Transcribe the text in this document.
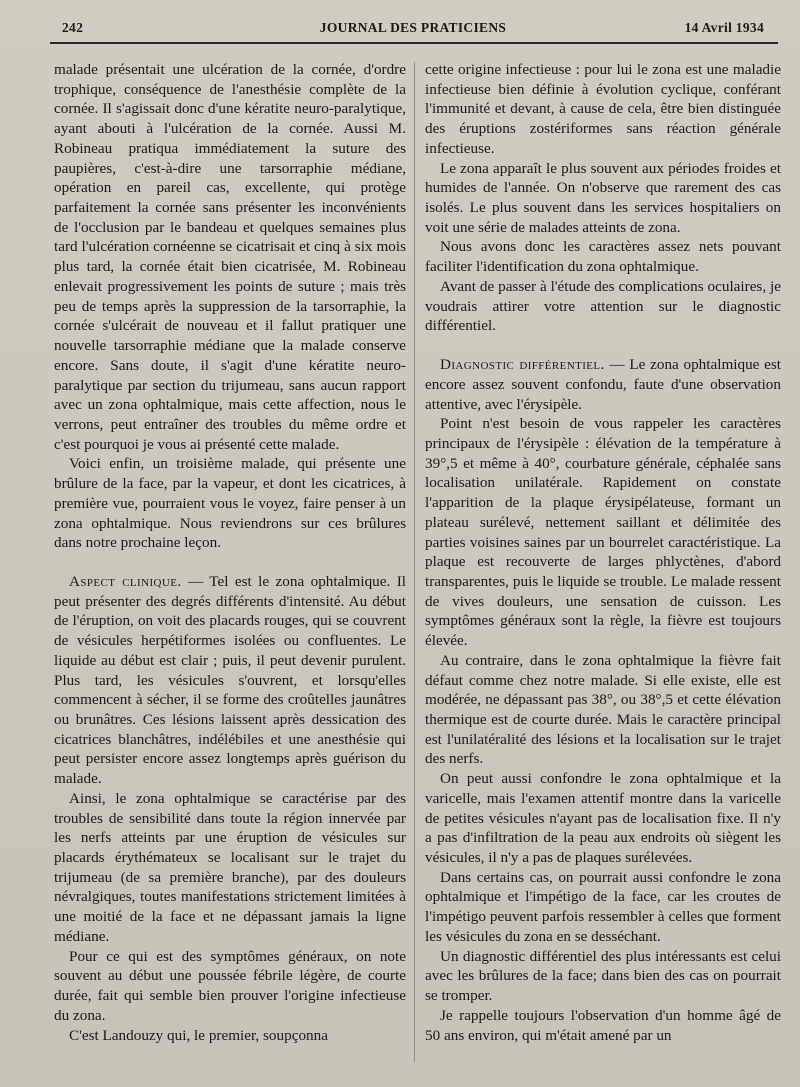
242	JOURNAL DES PRATICIENS	14 Avril 1934

malade présentait une ulcération de la cornée, d'ordre trophique, conséquence de l'anesthésie complète de la cornée. Il s'agissait donc d'une kératite neuro-paralytique, ayant abouti à l'ulcération de la cornée. Aussi M. Robineau pratiqua immédiatement la suture des paupières, c'est-à-dire une tarsorraphie médiane, opération en pareil cas, excellente, qui protège parfaitement la cornée sans présenter les inconvénients de l'occlusion par le bandeau et quelques semaines plus tard l'ulcération cornéenne se cicatrisait et cinq à six mois plus tard, la cornée était bien cicatrisée, M. Robineau enlevait progressivement les points de suture ; mais très peu de temps après la suppression de la tarsorraphie, la cornée s'ulcérait de nouveau et il fallut pratiquer une nouvelle tarsorraphie médiane que la malade conserve encore. Sans doute, il s'agit d'une kératite neuro-paralytique par section du trijumeau, sans aucun rapport avec un zona ophtalmique, mais cette affection, nous le verrons, peut entraîner des troubles du même ordre et c'est pourquoi je vous ai présenté cette malade.

Voici enfin, un troisième malade, qui présente une brûlure de la face, par la vapeur, et dont les cicatrices, à première vue, pourraient vous le voyez, faire penser à un zona ophtalmique. Nous reviendrons sur ces brûlures dans notre prochaine leçon.

Aspect clinique. — Tel est le zona ophtalmique. Il peut présenter des degrés différents d'intensité. Au début de l'éruption, on voit des placards rouges, qui se couvrent de vésicules herpétiformes isolées ou confluentes. Le liquide au début est clair ; puis, il peut devenir purulent. Plus tard, les vésicules s'ouvrent, et lorsqu'elles commencent à sécher, il se forme des croûtelles jaunâtres ou brunâtres. Ces lésions laissent après dessication des cicatrices blanchâtres, indélébiles et une anesthésie qui peut persister encore assez longtemps après guérison du malade.

Ainsi, le zona ophtalmique se caractérise par des troubles de sensibilité dans toute la région innervée par les nerfs atteints par une éruption de vésicules sur placards érythémateux se localisant sur le trajet du trijumeau (de sa première branche), par des douleurs névralgiques, toutes manifestations strictement limitées à une moitié de la face et ne dépassant jamais la ligne médiane.

Pour ce qui est des symptômes généraux, on note souvent au début une poussée fébrile légère, de courte durée, fait qui semble bien prouver l'origine infectieuse du zona.

C'est Landouzy qui, le premier, soupçonna

cette origine infectieuse : pour lui le zona est une maladie infectieuse bien définie à évolution cyclique, conférant l'immunité et devant, à cause de cela, être bien distinguée des éruptions zostériformes sans réaction générale infectieuse.

Le zona apparaît le plus souvent aux périodes froides et humides de l'année. On n'observe que rarement des cas isolés. Le plus souvent dans les services hospitaliers on voit une série de malades atteints de zona.

Nous avons donc les caractères assez nets pouvant faciliter l'identification du zona ophtalmique.

Avant de passer à l'étude des complications oculaires, je voudrais attirer votre attention sur le diagnostic différentiel.

Diagnostic différentiel. — Le zona ophtalmique est encore assez souvent confondu, faute d'une observation attentive, avec l'érysipèle.

Point n'est besoin de vous rappeler les caractères principaux de l'érysipèle : élévation de la température à 39°,5 et même à 40°, courbature générale, céphalée sans localisation unilatérale. Rapidement on constate l'apparition de la plaque érysipélateuse, formant un plateau surélevé, nettement saillant et délimitée des parties voisines saines par un bourrelet caractéristique. La plaque est recouverte de larges phlyctènes, d'abord transparentes, puis le liquide se trouble. Le malade ressent de vives douleurs, une sensation de cuisson. Les symptômes généraux sont la règle, la fièvre est toujours élevée.

Au contraire, dans le zona ophtalmique la fièvre fait défaut comme chez notre malade. Si elle existe, elle est modérée, ne dépassant pas 38°, ou 38°,5 et cette élévation thermique est de courte durée. Mais le caractère principal est l'unilatéralité des lésions et la localisation sur le trajet des nerfs.

On peut aussi confondre le zona ophtalmique et la varicelle, mais l'examen attentif montre dans la varicelle de petites vésicules n'ayant pas de localisation fixe. Il n'y a pas d'infiltration de la peau aux endroits où siègent les vésicules, il n'y a pas de plaques surélevées.

Dans certains cas, on pourrait aussi confondre le zona ophtalmique et l'impétigo de la face, car les croutes de l'impétigo peuvent parfois ressembler à celles que forment les vésicules du zona en se desséchant.

Un diagnostic différentiel des plus intéressants est celui avec les brûlures de la face; dans bien des cas on pourrait se tromper.

Je rappelle toujours l'observation d'un homme âgé de 50 ans environ, qui m'était amené par un
